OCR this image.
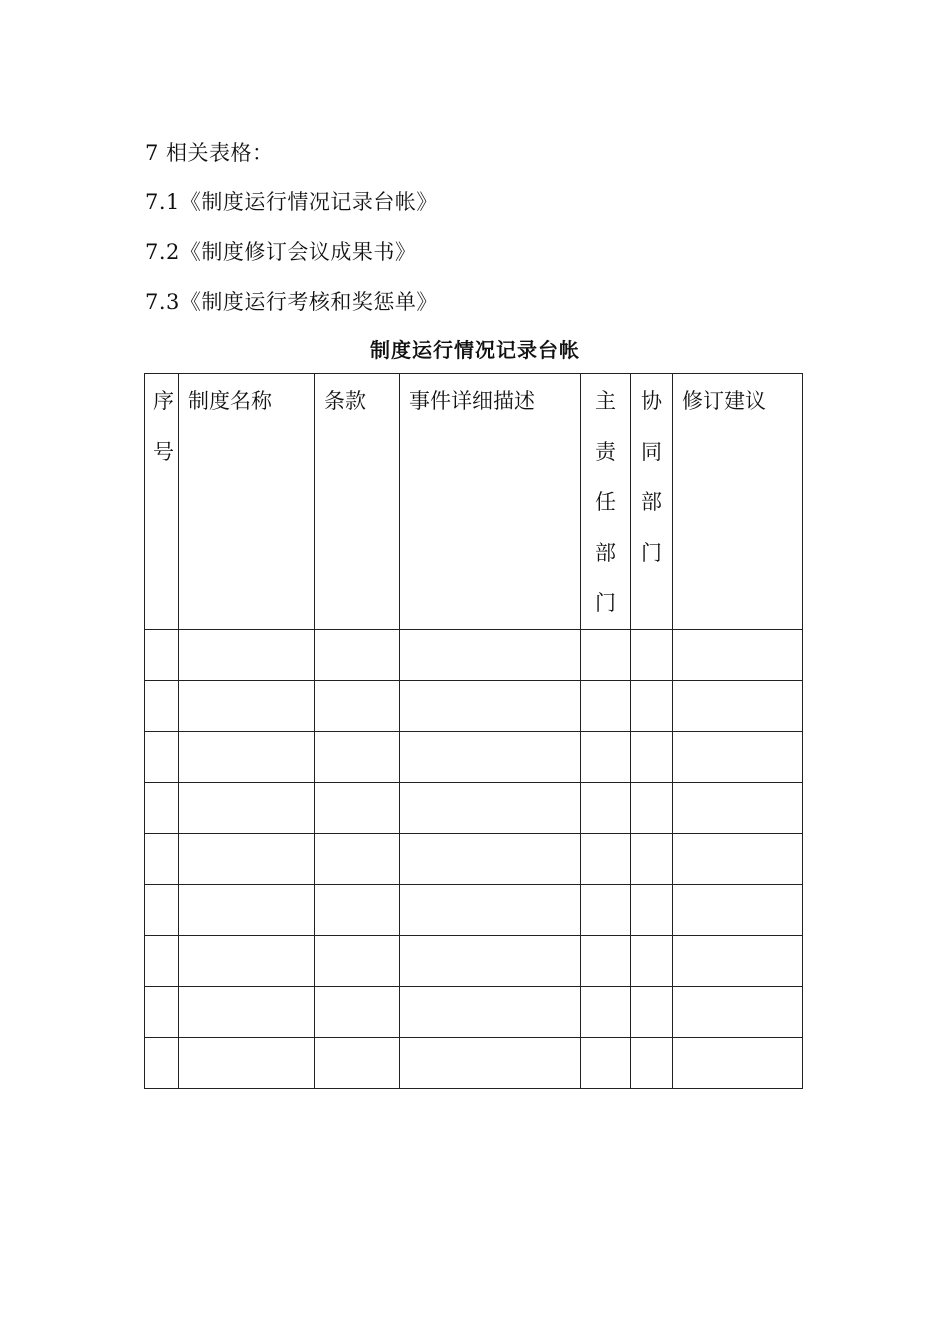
7 相关表格：
7.1《制度运行情况记录台帐》
7.2《制度修订会议成果书》
7.3《制度运行考核和奖惩单》
制度运行情况记录台帐
序号	制度名称	条款	事件详细描述	主责任部门	协同部门	修订建议
